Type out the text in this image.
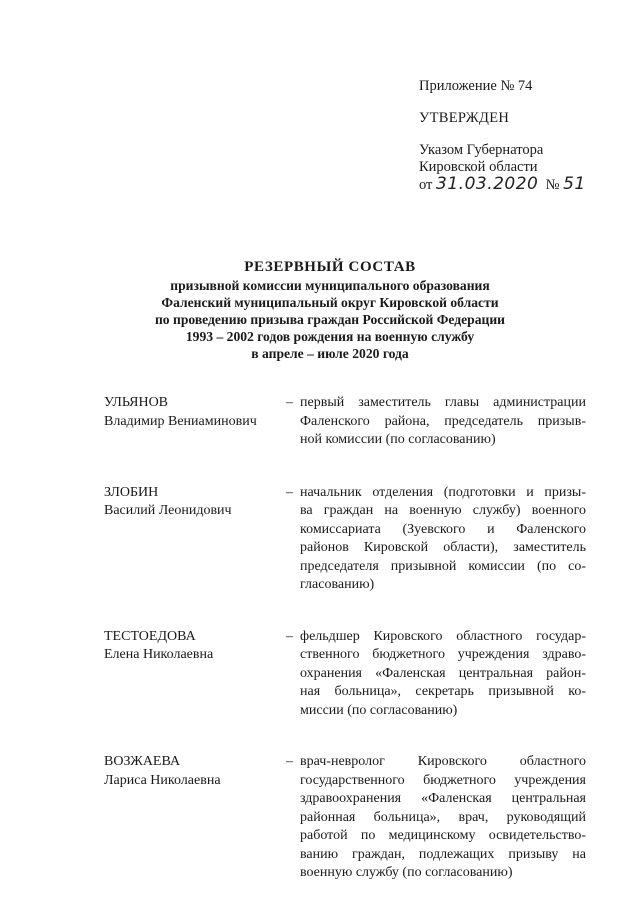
Приложение № 74
УТВЕРЖДЕН
Указом Губернатора
Кировской области
от 31.03.2020 № 51
РЕЗЕРВНЫЙ СОСТАВ
призывной комиссии муниципального образования
Фаленский муниципальный округ Кировской области
по проведению призыва граждан Российской Федерации
1993 – 2002 годов рождения на военную службу
в апреле – июле 2020 года
УЛЬЯНОВ
Владимир Вениаминович
– первый заместитель главы администрации
Фаленского района, председатель призыв-
ной комиссии (по согласованию)
ЗЛОБИН
Василий Леонидович
– начальник отделения (подготовки и призы-
ва граждан на военную службу) военного
комиссариата (Зуевского и Фаленского
районов Кировской области), заместитель
председателя призывной комиссии (по со-
гласованию)
ТЕСТОЕДОВА
Елена Николаевна
– фельдшер Кировского областного государ-
ственного бюджетного учреждения здраво-
охранения «Фаленская центральная район-
ная больница», секретарь призывной ко-
миссии (по согласованию)
ВОЗЖАЕВА
Лариса Николаевна
– врач-невролог Кировского областного
государственного бюджетного учреждения
здравоохранения «Фаленская центральная
районная больница», врач, руководящий
работой по медицинскому освидетельство-
ванию граждан, подлежащих призыву на
военную службу (по согласованию)
